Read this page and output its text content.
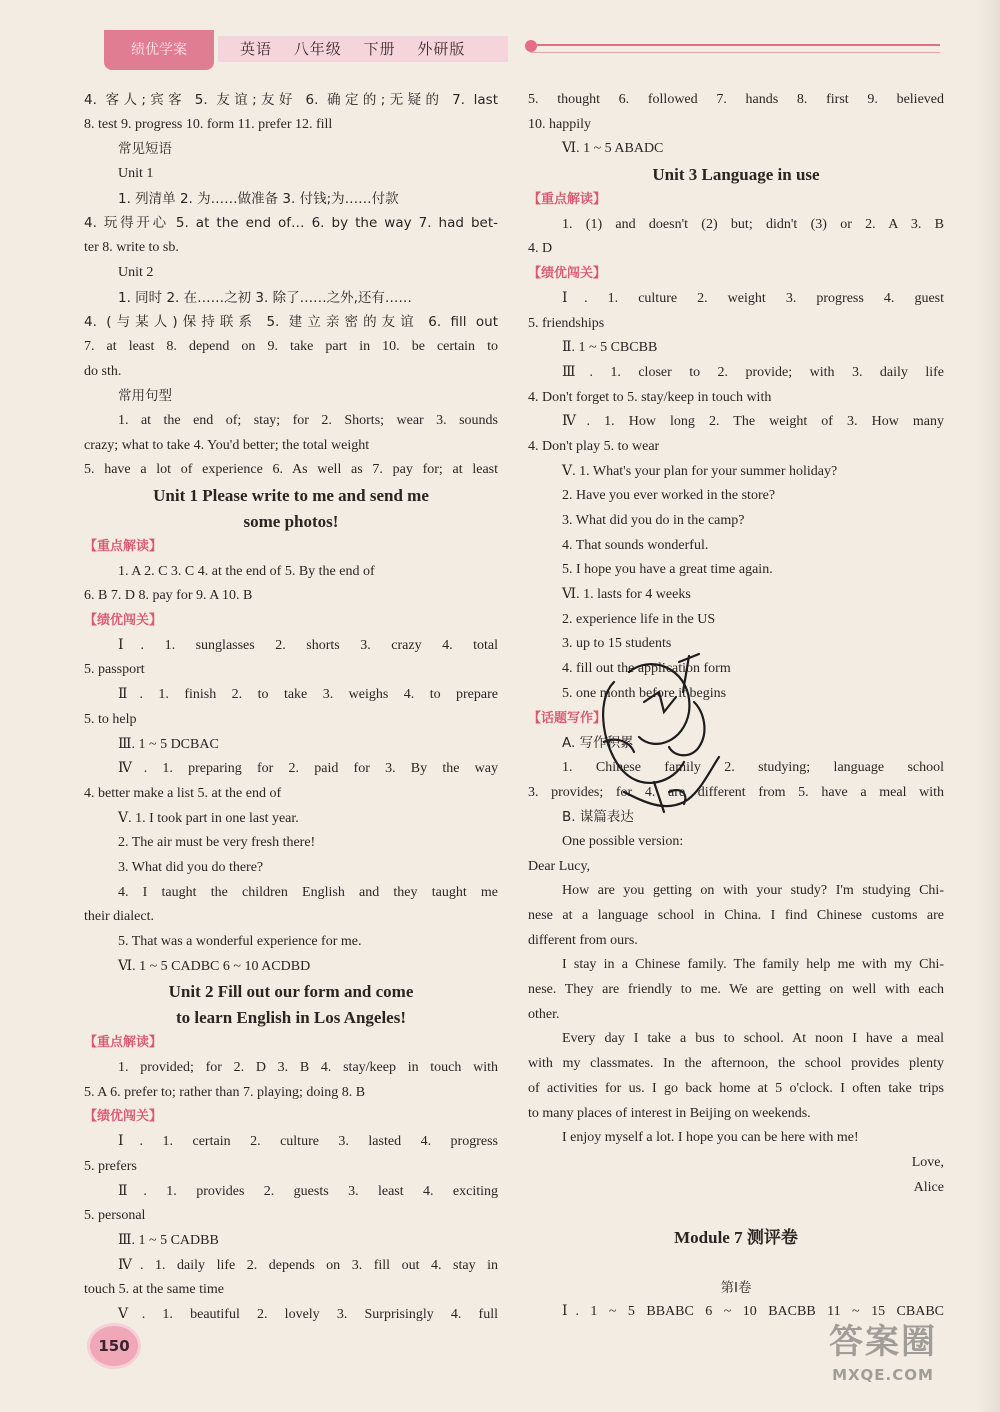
绩优学案	英语 八年级 下册 外研版
4. 客人;宾客 5. 友谊;友好 6. 确定的;无疑的 7. last
8. test 9. progress 10. form 11. prefer 12. fill
常见短语
Unit 1
1. 列清单 2. 为……做准备 3. 付钱;为……付款
4. 玩得开心 5. at the end of… 6. by the way 7. had bet-
ter 8. write to sb.
Unit 2
1. 同时 2. 在……之初 3. 除了……之外,还有……
4. (与某人)保持联系 5. 建立亲密的友谊 6. fill out
7. at least 8. depend on 9. take part in 10. be certain to
do sth.
常用句型
1. at the end of; stay; for 2. Shorts; wear 3. sounds
crazy; what to take 4. You'd better; the total weight
5. have a lot of experience 6. As well as 7. pay for; at least
Unit 1 Please write to me and send me
some photos!
【重点解读】
1. A 2. C 3. C 4. at the end of 5. By the end of
6. B 7. D 8. pay for 9. A 10. B
【绩优闯关】
Ⅰ. 1. sunglasses 2. shorts 3. crazy 4. total
5. passport
Ⅱ. 1. finish 2. to take 3. weighs 4. to prepare
5. to help
Ⅲ. 1 ~ 5 DCBAC
Ⅳ. 1. preparing for 2. paid for 3. By the way
4. better make a list 5. at the end of
Ⅴ. 1. I took part in one last year.
2. The air must be very fresh there!
3. What did you do there?
4. I taught the children English and they taught me
their dialect.
5. That was a wonderful experience for me.
Ⅵ. 1 ~ 5 CADBC 6 ~ 10 ACDBD
Unit 2 Fill out our form and come
to learn English in Los Angeles!
【重点解读】
1. provided; for 2. D 3. B 4. stay/keep in touch with
5. A 6. prefer to; rather than 7. playing; doing 8. B
【绩优闯关】
Ⅰ. 1. certain 2. culture 3. lasted 4. progress
5. prefers
Ⅱ. 1. provides 2. guests 3. least 4. exciting
5. personal
Ⅲ. 1 ~ 5 CADBB
Ⅳ. 1. daily life 2. depends on 3. fill out 4. stay in
touch 5. at the same time
Ⅴ. 1. beautiful 2. lovely 3. Surprisingly 4. full
5. thought 6. followed 7. hands 8. first 9. believed
10. happily
Ⅵ. 1 ~ 5 ABADC
Unit 3 Language in use
【重点解读】
1. (1) and doesn't (2) but; didn't (3) or 2. A 3. B
4. D
【绩优闯关】
Ⅰ. 1. culture 2. weight 3. progress 4. guest
5. friendships
Ⅱ. 1 ~ 5 CBCBB
Ⅲ. 1. closer to 2. provide; with 3. daily life
4. Don't forget to 5. stay/keep in touch with
Ⅳ. 1. How long 2. The weight of 3. How many
4. Don't play 5. to wear
Ⅴ. 1. What's your plan for your summer holiday?
2. Have you ever worked in the store?
3. What did you do in the camp?
4. That sounds wonderful.
5. I hope you have a great time again.
Ⅵ. 1. lasts for 4 weeks
2. experience life in the US
3. up to 15 students
4. fill out the application form
5. one month before it begins
【话题写作】
A. 写作积累
1. Chinese family 2. studying; language school
3. provides; for 4. are different from 5. have a meal with
B. 谋篇表达
One possible version:
Dear Lucy,
How are you getting on with your study? I'm studying Chi-
nese at a language school in China. I find Chinese customs are
different from ours.
I stay in a Chinese family. The family help me with my Chi-
nese. They are friendly to me. We are getting on well with each
other.
Every day I take a bus to school. At noon I have a meal
with my classmates. In the afternoon, the school provides plenty
of activities for us. I go back home at 5 o'clock. I often take trips
to many places of interest in Beijing on weekends.
I enjoy myself a lot. I hope you can be here with me!
Love,
Alice
Module 7 测评卷
第Ⅰ卷
Ⅰ. 1 ~ 5 BBABC 6 ~ 10 BACBB 11 ~ 15 CBABC
150	答案圈
MXQE.COM
